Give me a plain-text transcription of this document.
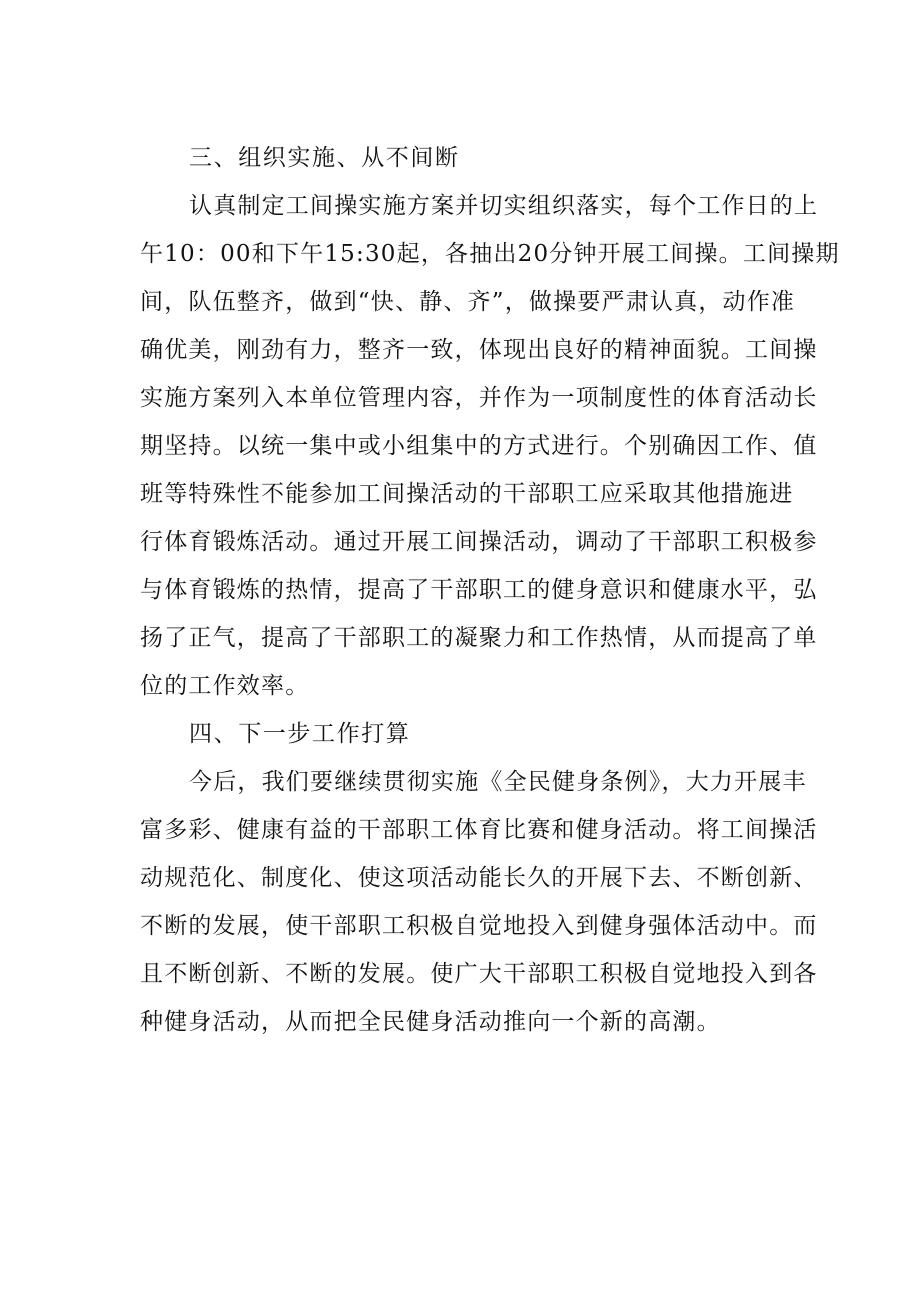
三、组织实施、从不间断
认真制定工间操实施方案并切实组织落实，每个工作日的上
午10：00和下午15:30起，各抽出20分钟开展工间操。工间操期
间，队伍整齐，做到“快、静、齐”，做操要严肃认真，动作准
确优美，刚劲有力，整齐一致，体现出良好的精神面貌。工间操
实施方案列入本单位管理内容，并作为一项制度性的体育活动长
期坚持。以统一集中或小组集中的方式进行。个别确因工作、值
班等特殊性不能参加工间操活动的干部职工应采取其他措施进
行体育锻炼活动。通过开展工间操活动，调动了干部职工积极参
与体育锻炼的热情，提高了干部职工的健身意识和健康水平，弘
扬了正气，提高了干部职工的凝聚力和工作热情，从而提高了单
位的工作效率。
四、下一步工作打算
今后，我们要继续贯彻实施《全民健身条例》，大力开展丰
富多彩、健康有益的干部职工体育比赛和健身活动。将工间操活
动规范化、制度化、使这项活动能长久的开展下去、不断创新、
不断的发展，使干部职工积极自觉地投入到健身强体活动中。而
且不断创新、不断的发展。使广大干部职工积极自觉地投入到各
种健身活动，从而把全民健身活动推向一个新的高潮。
